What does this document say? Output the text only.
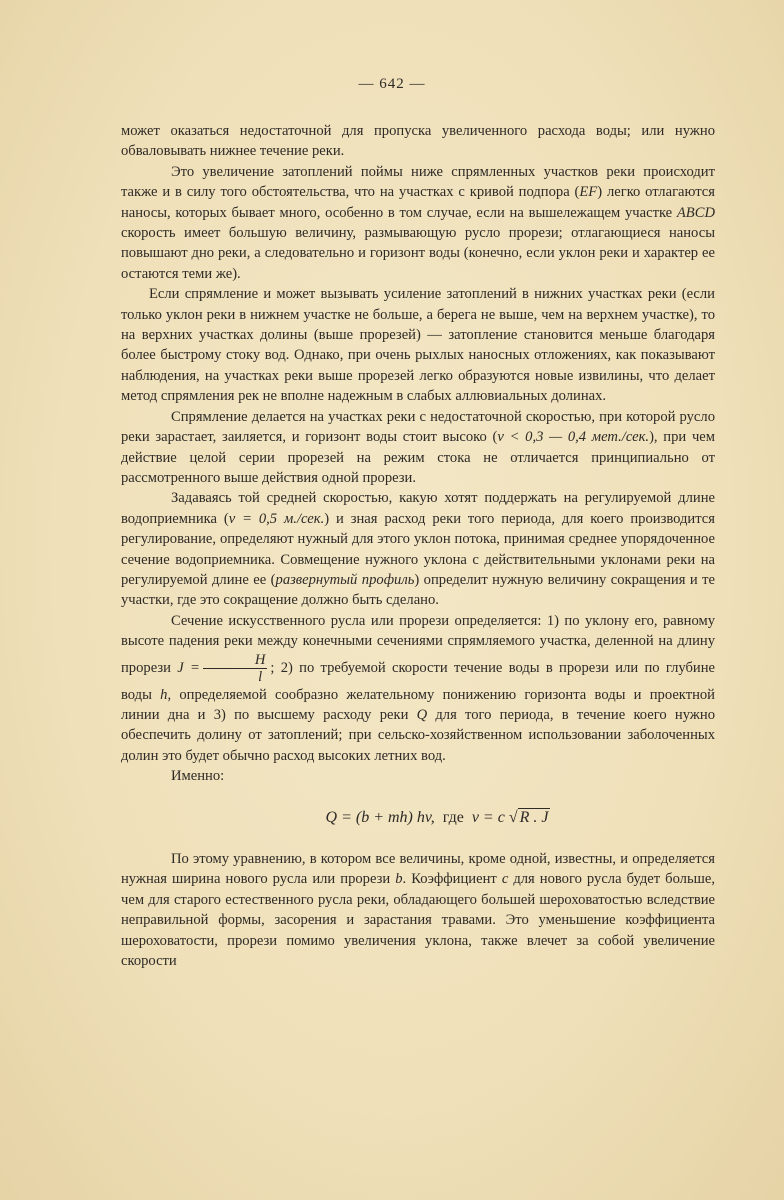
— 642 —

может оказаться недостаточной для пропуска увеличенного расхода воды; или нужно обваловывать нижнее течение реки.

Это увеличение затоплений поймы ниже спрямленных участков реки происходит также и в силу того обстоятельства, что на участках с кривой подпора (EF) легко отлагаются наносы, которых бывает много, особенно в том случае, если на вышележащем участке ABCD скорость имеет большую величину, размывающую русло прорези; отлагающиеся наносы повышают дно реки, а следовательно и горизонт воды (конечно, если уклон реки и характер ее остаются теми же).

Если спрямление и может вызывать усиление затоплений в нижних участках реки (если только уклон реки в нижнем участке не больше, а берега не выше, чем на верхнем участке), то на верхних участках долины (выше прорезей) — затопление становится меньше благодаря более быстрому стоку вод. Однако, при очень рыхлых наносных отложениях, как показывают наблюдения, на участках реки выше прорезей легко образуются новые извилины, что делает метод спрямления рек не вполне надежным в слабых аллювиальных долинах.

Спрямление делается на участках реки с недостаточной скоростью, при которой русло реки зарастает, заиляется, и горизонт воды стоит высоко (v < 0,3 — 0,4 мет./сек.), при чем действие целой серии прорезей на режим стока не отличается принципиально от рассмотренного выше действия одной прорези.

Задаваясь той средней скоростью, какую хотят поддержать на регулируемой длине водоприемника (v = 0,5 м./сек.) и зная расход реки того периода, для коего производится регулирование, определяют нужный для этого уклон потока, принимая среднее упорядоченное сечение водоприемника. Совмещение нужного уклона с действительными уклонами реки на регулируемой длине ее (развернутый профиль) определит нужную величину сокращения и те участки, где это сокращение должно быть сделано.

Сечение искусственного русла или прорези определяется: 1) по уклону его, равному высоте падения реки между конечными сечениями спрямляемого участка, деленной на длину прорези $J = \frac{H}{l}$ ; 2) по требуемой скорости течение воды в прорези или по глубине воды h, определяемой сообразно желательному понижению горизонта воды и проектной линии дна и 3) по высшему расходу реки Q для того периода, в течение коего нужно обеспечить долину от затоплений; при сельско-хозяйственном использовании заболоченных долин это будет обычно расход высоких летних вод.

Именно:

Q = (b + mh) hv, где v = c √ R . J

По этому уравнению, в котором все величины, кроме одной, известны, и определяется нужная ширина нового русла или прорези b. Коэффициент c для нового русла будет больше, чем для старого естественного русла реки, обладающего большей шероховатостью вследствие неправильной формы, засорения и зарастания травами. Это уменьшение коэффициента шероховатости, прорези помимо увеличения уклона, также влечет за собой увеличение скорости
